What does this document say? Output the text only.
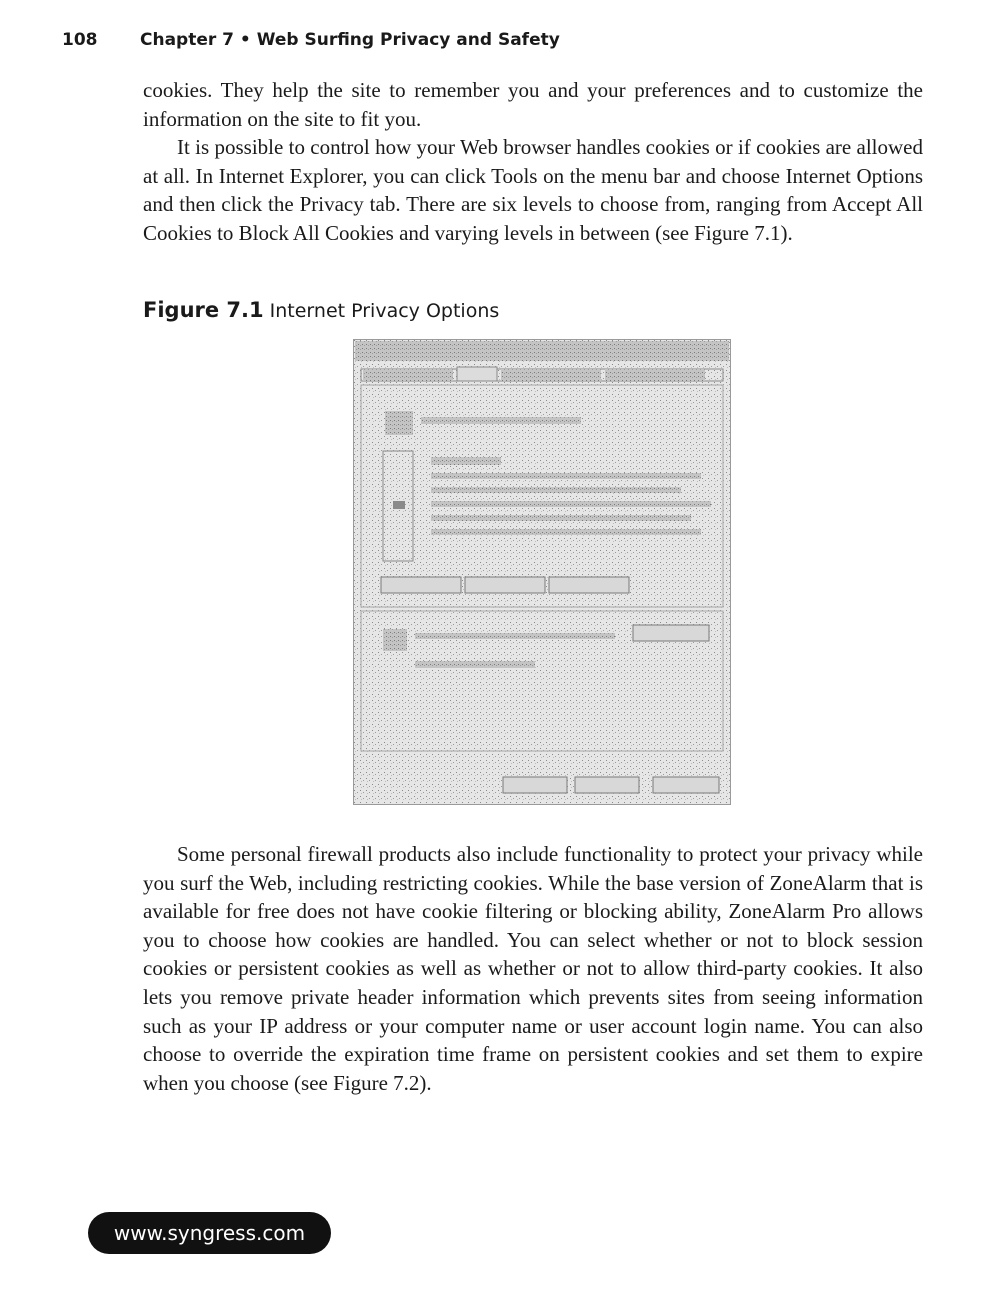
108	Chapter 7 • Web Surfing Privacy and Safety

cookies. They help the site to remember you and your preferences and to customize the information on the site to fit you.

It is possible to control how your Web browser handles cookies or if cookies are allowed at all. In Internet Explorer, you can click Tools on the menu bar and choose Internet Options and then click the Privacy tab. There are six levels to choose from, ranging from Accept All Cookies to Block All Cookies and varying levels in between (see Figure 7.1).

Figure 7.1 Internet Privacy Options

Some personal firewall products also include functionality to protect your privacy while you surf the Web, including restricting cookies. While the base version of ZoneAlarm that is available for free does not have cookie filtering or blocking ability, ZoneAlarm Pro allows you to choose how cookies are handled. You can select whether or not to block session cookies or persistent cookies as well as whether or not to allow third-party cookies. It also lets you remove private header information which prevents sites from seeing information such as your IP address or your computer name or user account login name. You can also choose to override the expiration time frame on persistent cookies and set them to expire when you choose (see Figure 7.2).

www.syngress.com
